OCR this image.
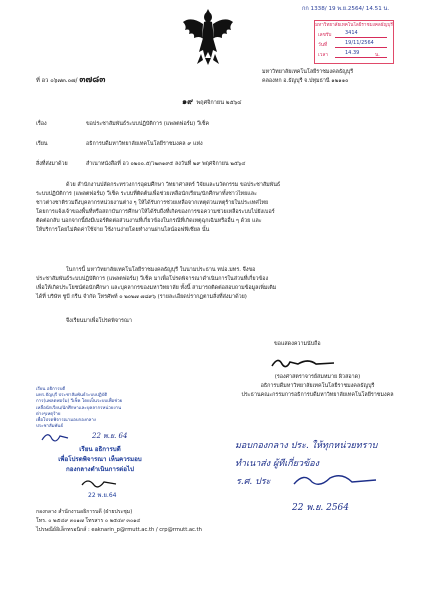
กก 1338/ 19 พ.ย.2564/ 14.51 น.
มหาวิทยาลัยเทคโนโลยีราชมงคลธัญบุรี
เลขรับ	3414
วันที่	19/11/2564
เวลา	14.39	น.
ที่ อว ๐๖๗๓.๐๗/ ๓๗๘๓
มหาวิทยาลัยเทคโนโลยีราชมงคลธัญบุรี
คลองหก อ.ธัญบุรี จ.ปทุมธานี ๑๒๑๑๐
๑๙ พฤศจิกายน ๒๕๖๔
เรื่อง	ขอประชาสัมพันธ์ระบบปฏิบัติการ (แพลตฟอร์ม) วีเช็ค
เรียน	อธิการบดีมหาวิทยาลัยเทคโนโลยีราชมงคล ๙ แห่ง
สิ่งที่ส่งมาด้วย	สำเนาหนังสือที่ อว ๐๒๐๐.๕/ว๒๓๑๙๕ ลงวันที่ ๒๙ พฤศจิกายน ๒๕๖๔
ด้วย สำนักงานปลัดกระทรวงการอุดมศึกษา วิทยาศาสตร์ วิจัยและนวัตกรรม ขอประชาสัมพันธ์
ระบบปฏิบัติการ (แพลตฟอร์ม) วีเช็ค ระบบที่ติดต้นเพื่อช่วยเหลือนักเรียน/นักศึกษาทั้งชาวไทยและ
ชาวต่างชาติรวมถึงบุคลากรหน่วยงานต่าง ๆ ให้ได้รับการช่วยเหลือจากเหตุด่วนเหตุร้ายในประเทศไทย
โดยการแจ้งเจ้าของพื้นที่หรือสถาบันการศึกษาให้ได้รับถึงที่เกิดของการขอความช่วยเหลือระบบไปยังเบอร์
ติดต่อกลับ นอกจากนี้ยังมีเบอร์ติดต่อส่วนงานที่เกี่ยวข้องในกรณีที่เกิดเหตุฉุกเฉินหรืออื่น ๆ ด้วย และ
ให้บริการโดยไม่คิดค่าใช้จ่าย ใช้งานง่ายโดยทำงานผ่านไลน์ออฟฟิเชียล นั้น
ในการนี้ มหาวิทยาลัยเทคโนโลยีราชมงคลธัญบุรี ในนามประธาน ทปอ.มทร. จึงขอ
ประชาสัมพันธ์ระบบปฏิบัติการ (แพลตฟอร์ม) วีเช็ค มาเพื่อโปรดพิจารณาดำเนินการในส่วนที่เกี่ยวข้อง
เพื่อให้เกิดประโยชน์ต่อนักศึกษา และบุคลากรของมหาวิทยาลัย ทั้งนี้ สามารถติดต่อสอบถามข้อมูลเพิ่มเติม
ได้ที่ บริษัท ชูบี กรีน จำกัด โทรศัพท์ ๐ ๒๐๒๗ ๗๘๙๖ (รายละเอียดปรากฏตามสิ่งที่ส่งมาด้วย)
จึงเรียนมาเพื่อโปรดพิจารณา
ขอแสดงความนับถือ
(รองศาสตราจารย์สมหมาย ผิวสอาด)
อธิการบดีมหาวิทยาลัยเทคโนโลยีราชมงคลธัญบุรี
ประธานคณะกรรมการอธิการบดีมหาวิทยาลัยเทคโนโลยีราชมงคล
เรียน อธิการบดี
มทร.ธัญบุรี ประชาสัมพันธ์ระบบปฏิบัติ
การ(แพลตฟอร์ม) วีเช็ค โดยเป็นระบบเพื่อช่วย
เหลือนักเรียน/นักศึกษาและบุคลากรหน่วยงาน
ต่างๆเหตุร้าย
เพื่อโปรดพิจารณามอบกองกลาง
ประชาสัมพันธ์
22 พ.ย. 64
เรียน อธิการบดี
เพื่อโปรดพิจารณา เห็นควรมอบ
กองกลางดำเนินการต่อไป
22 พ.ย.64
มอบกองกลาง ประ. ให้ทุกหน่วยทราบ
ทำเนาส่ง ผู้ทีเกี่ยวข้อง
ร.ศ. ประ
22 พ.ย. 2564
กองกลาง สำนักงานอธิการบดี (ฝ่ายประชุม)
โทร. ๐ ๒๕๔๙ ๓๐๑๗ โทรสาร ๐ ๒๕๔๙ ๓๐๑๔
ไปรษณีย์อิเล็กทรอนิกส์ : eaknarin_p@rmutt.ac.th / crp@rmutt.ac.th
